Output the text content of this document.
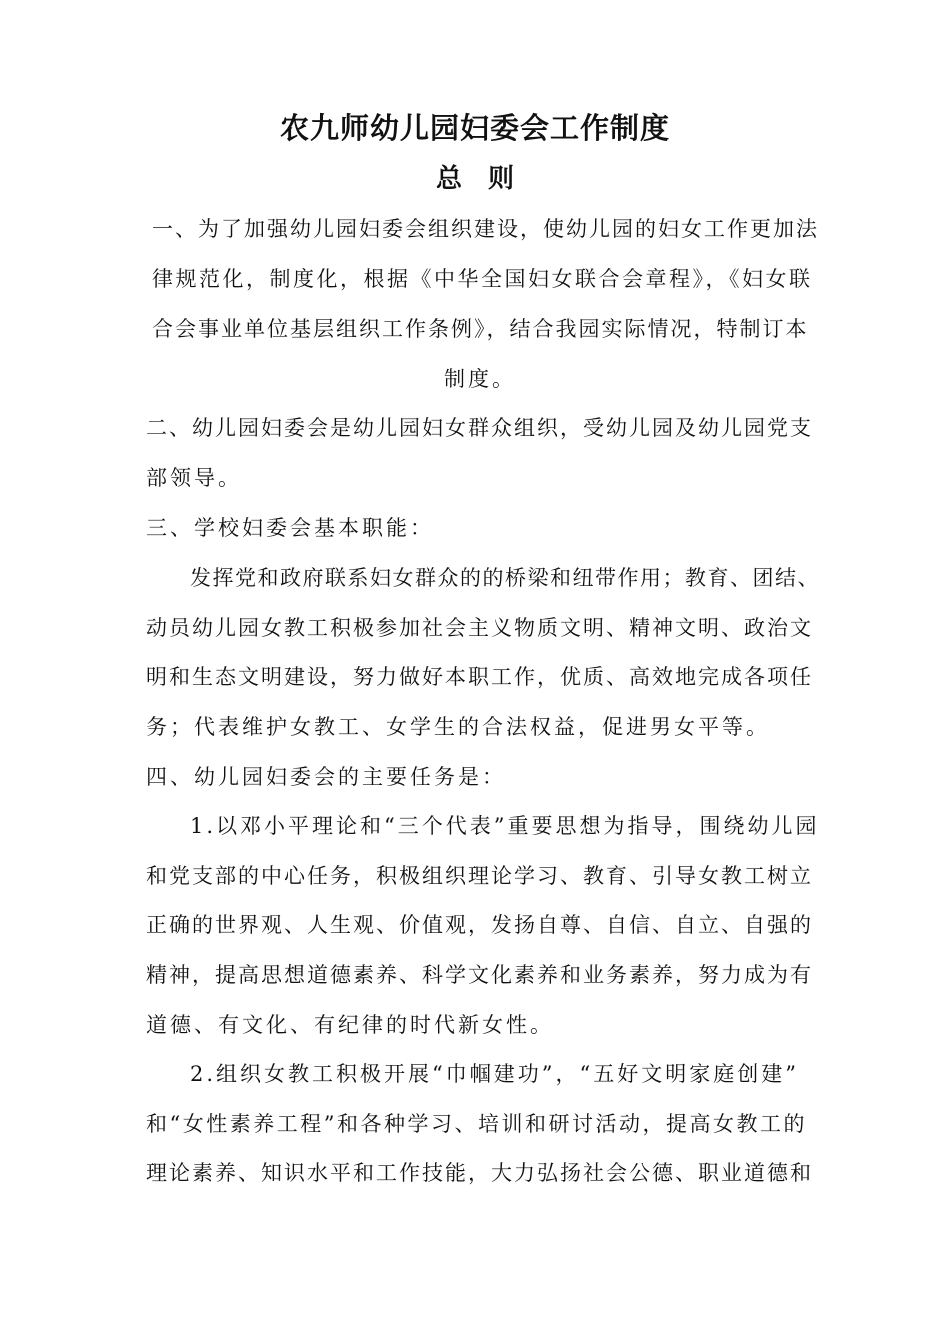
农九师幼儿园妇委会工作制度
总　则
一、为了加强幼儿园妇委会组织建设，使幼儿园的妇女工作更加法
律规范化，制度化，根据《中华全国妇女联合会章程》，《妇女联
合会事业单位基层组织工作条例》，结合我园实际情况，特制订本
制度。
二、幼儿园妇委会是幼儿园妇女群众组织，受幼儿园及幼儿园党支
部领导。
三、学校妇委会基本职能：
发挥党和政府联系妇女群众的的桥梁和纽带作用；教育、团结、
动员幼儿园女教工积极参加社会主义物质文明、精神文明、政治文
明和生态文明建设，努力做好本职工作，优质、高效地完成各项任
务；代表维护女教工、女学生的合法权益，促进男女平等。
四、幼儿园妇委会的主要任务是：
1.以邓小平理论和“三个代表”重要思想为指导，围绕幼儿园
和党支部的中心任务，积极组织理论学习、教育、引导女教工树立
正确的世界观、人生观、价值观，发扬自尊、自信、自立、自强的
精神，提高思想道德素养、科学文化素养和业务素养，努力成为有
道德、有文化、有纪律的时代新女性。
2.组织女教工积极开展“巾帼建功”，“五好文明家庭创建”
和“女性素养工程”和各种学习、培训和研讨活动，提高女教工的
理论素养、知识水平和工作技能，大力弘扬社会公德、职业道德和
